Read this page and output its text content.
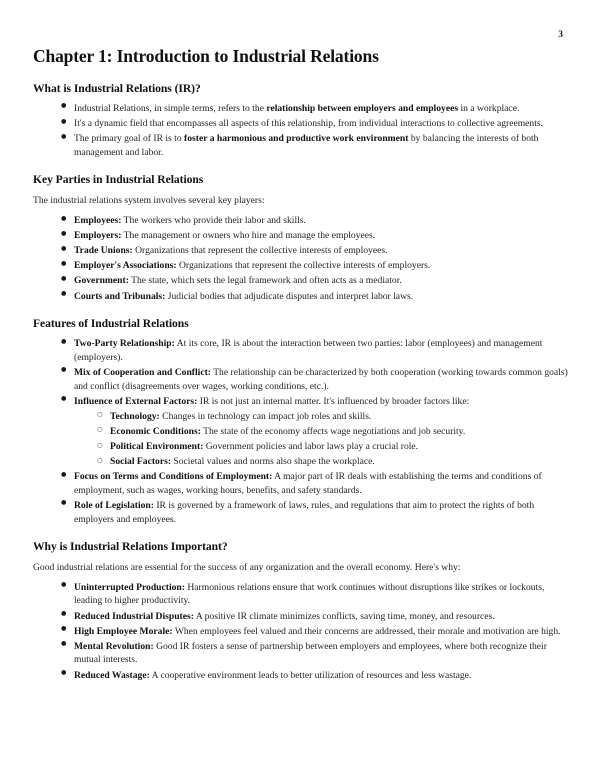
3
Chapter 1: Introduction to Industrial Relations
What is Industrial Relations (IR)?
● Industrial Relations, in simple terms, refers to the relationship between employers and employees in a workplace.
● It's a dynamic field that encompasses all aspects of this relationship, from individual interactions to collective agreements.
● The primary goal of IR is to foster a harmonious and productive work environment by balancing the interests of both management and labor.
Key Parties in Industrial Relations

The industrial relations system involves several key players:

● Employees: The workers who provide their labor and skills.
● Employers: The management or owners who hire and manage the employees.
● Trade Unions: Organizations that represent the collective interests of employees.
● Employer's Associations: Organizations that represent the collective interests of employers.
● Government: The state, which sets the legal framework and often acts as a mediator.
● Courts and Tribunals: Judicial bodies that adjudicate disputes and interpret labor laws.
Features of Industrial Relations
● Two-Party Relationship: At its core, IR is about the interaction between two parties: labor (employees) and management (employers).
● Mix of Cooperation and Conflict: The relationship can be characterized by both cooperation (working towards common goals) and conflict (disagreements over wages, working conditions, etc.).
● Influence of External Factors: IR is not just an internal matter. It's influenced by broader factors like:
○ Technology: Changes in technology can impact job roles and skills.
○ Economic Conditions: The state of the economy affects wage negotiations and job security.
○ Political Environment: Government policies and labor laws play a crucial role.
○ Social Factors: Societal values and norms also shape the workplace.
● Focus on Terms and Conditions of Employment: A major part of IR deals with establishing the terms and conditions of employment, such as wages, working hours, benefits, and safety standards.
● Role of Legislation: IR is governed by a framework of laws, rules, and regulations that aim to protect the rights of both employers and employees.
Why is Industrial Relations Important?

Good industrial relations are essential for the success of any organization and the overall economy. Here's why:

● Uninterrupted Production: Harmonious relations ensure that work continues without disruptions like strikes or lockouts, leading to higher productivity.
● Reduced Industrial Disputes: A positive IR climate minimizes conflicts, saving time, money, and resources.
● High Employee Morale: When employees feel valued and their concerns are addressed, their morale and motivation are high.
● Mental Revolution: Good IR fosters a sense of partnership between employers and employees, where both recognize their mutual interests.
● Reduced Wastage: A cooperative environment leads to better utilization of resources and less wastage.
